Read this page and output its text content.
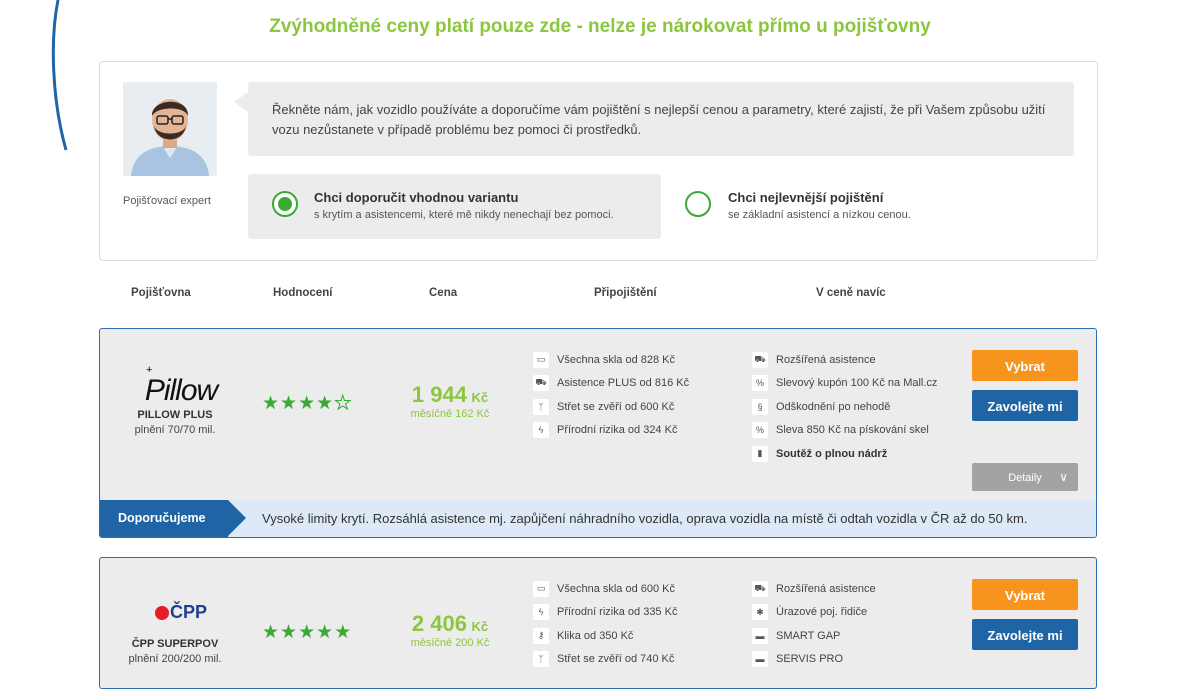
Zvýhodněné ceny platí pouze zde - nelze je nárokovat přímo u pojišťovny
Pojišťovací expert
Řekněte nám, jak vozidlo používáte a doporučíme vám pojištění s nejlepší cenou a parametry, které zajistí, že při Vašem způsobu užití vozu nezůstanete v případě problému bez pomoci či prostředků.
Chci doporučit vhodnou variantu
s krytím a asistencemi, které mě nikdy nenechají bez pomoci.
Chci nejlevnější pojištění
se základní asistencí a nízkou cenou.
Pojišťovna	Hodnocení	Cena	Připojištění	V ceně navíc
Pillow
+
PILLOW PLUS
plnění 70/70 mil.
★★★★★	1 944 Kč
měsíčně 162 Kč
▭	Všechna skla od 828 Kč
⛟ Asistence PLUS od 816 Kč
ᛉ	Střet se zvěří od 600 Kč
ϟ	Přírodní rizika od 324 Kč
⛟ Rozšířená asistence
%	Slevový kupón 100 Kč na Mall.cz
§	Odškodnění po nehodě
%	Sleva 850 Kč na pískování skel
▮	Soutěž o plnou nádrž
Vybrat
Zavolejte mi
Detaily ∨
Doporučujeme	Vysoké limity krytí. Rozsáhlá asistence mj. zapůjčení náhradního vozidla, oprava vozidla na místě či odtah vozidla v ČR až do 50 km.
ČPP
ČPP SUPERPOV
plnění 200/200 mil.
★★★★★	2 406 Kč
měsíčně 200 Kč
▭	Všechna skla od 600 Kč
ϟ	Přírodní rizika od 335 Kč
⚷	Klika od 350 Kč
ᛉ	Střet se zvěří od 740 Kč
⛟ Rozšířená asistence
✱	Úrazové poj. řidiče
▬	SMART GAP
▬	SERVIS PRO
Vybrat
Zavolejte mi
